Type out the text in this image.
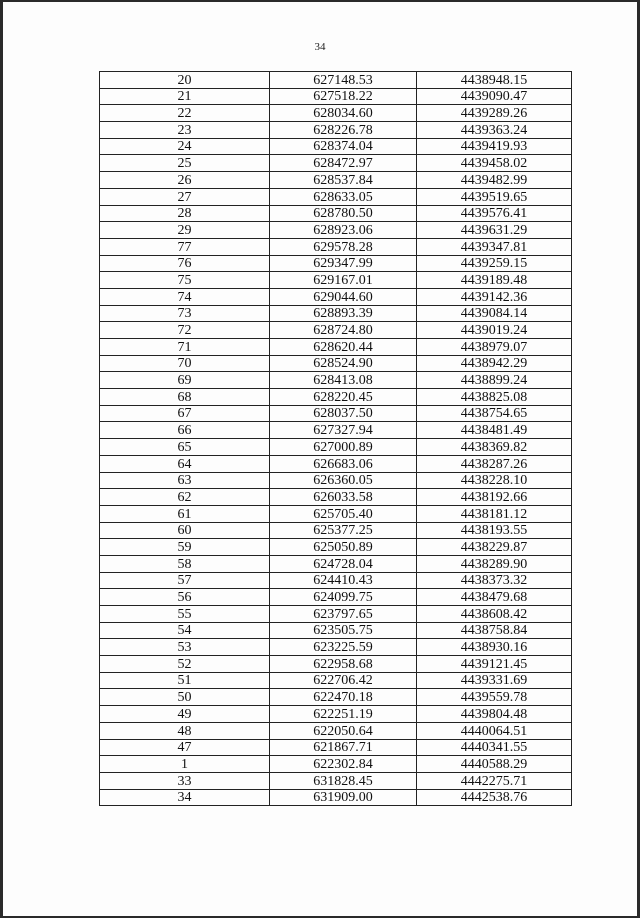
34
20	627148.53	4438948.15
21	627518.22	4439090.47
22	628034.60	4439289.26
23	628226.78	4439363.24
24	628374.04	4439419.93
25	628472.97	4439458.02
26	628537.84	4439482.99
27	628633.05	4439519.65
28	628780.50	4439576.41
29	628923.06	4439631.29
77	629578.28	4439347.81
76	629347.99	4439259.15
75	629167.01	4439189.48
74	629044.60	4439142.36
73	628893.39	4439084.14
72	628724.80	4439019.24
71	628620.44	4438979.07
70	628524.90	4438942.29
69	628413.08	4438899.24
68	628220.45	4438825.08
67	628037.50	4438754.65
66	627327.94	4438481.49
65	627000.89	4438369.82
64	626683.06	4438287.26
63	626360.05	4438228.10
62	626033.58	4438192.66
61	625705.40	4438181.12
60	625377.25	4438193.55
59	625050.89	4438229.87
58	624728.04	4438289.90
57	624410.43	4438373.32
56	624099.75	4438479.68
55	623797.65	4438608.42
54	623505.75	4438758.84
53	623225.59	4438930.16
52	622958.68	4439121.45
51	622706.42	4439331.69
50	622470.18	4439559.78
49	622251.19	4439804.48
48	622050.64	4440064.51
47	621867.71	4440341.55
1	622302.84	4440588.29
33	631828.45	4442275.71
34	631909.00	4442538.76
